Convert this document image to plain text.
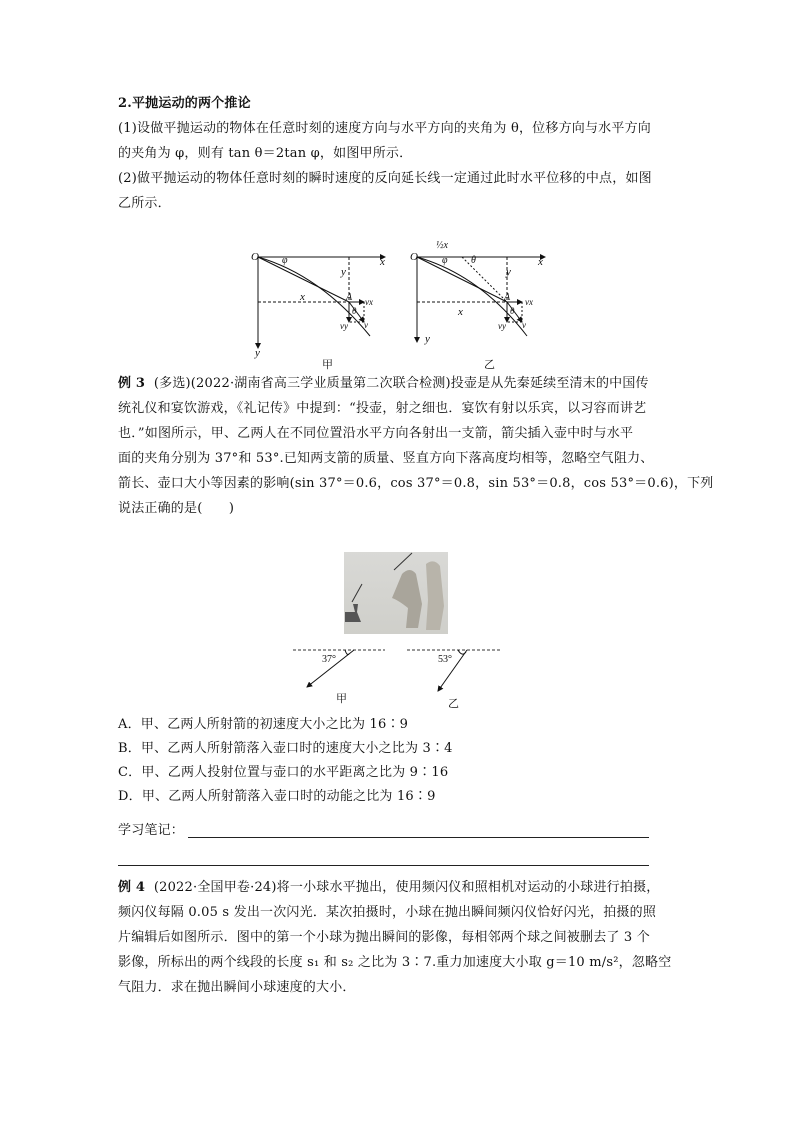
2.平抛运动的两个推论
(1)设做平抛运动的物体在任意时刻的速度方向与水平方向的夹角为 θ，位移方向与水平方向
的夹角为 φ，则有 tan θ＝2tan φ，如图甲所示．
(2)做平抛运动的物体任意时刻的瞬时速度的反向延长线一定通过此时水平位移的中点，如图
乙所示．
O	x
y
φ
y
x	A vx
θ
vy v
甲
O	x
y
½x
φ θ
y
x
A vx
θ
vy v
乙
例 3 (多选)(2022·湖南省高三学业质量第二次联合检测)投壶是从先秦延续至清末的中国传
统礼仪和宴饮游戏，《礼记传》中提到：“投壶，射之细也．宴饮有射以乐宾，以习容而讲艺
也．”如图所示，甲、乙两人在不同位置沿水平方向各射出一支箭，箭尖插入壶中时与水平
面的夹角分别为 37°和 53°.已知两支箭的质量、竖直方向下落高度均相等，忽略空气阻力、
箭长、壶口大小等因素的影响(sin 37°＝0.6，cos 37°＝0.8，sin 53°＝0.8，cos 53°＝0.6)，下列
说法正确的是(　　)
37°
甲
53°
乙
A．甲、乙两人所射箭的初速度大小之比为 16∶9
B．甲、乙两人所射箭落入壶口时的速度大小之比为 3∶4
C．甲、乙两人投射位置与壶口的水平距离之比为 9∶16
D．甲、乙两人所射箭落入壶口时的动能之比为 16∶9
学习笔记：
例 4 (2022·全国甲卷·24)将一小球水平抛出，使用频闪仪和照相机对运动的小球进行拍摄，
频闪仪每隔 0.05 s 发出一次闪光．某次拍摄时，小球在抛出瞬间频闪仪恰好闪光，拍摄的照
片编辑后如图所示．图中的第一个小球为抛出瞬间的影像，每相邻两个球之间被删去了 3 个
影像，所标出的两个线段的长度 s₁ 和 s₂ 之比为 3∶7.重力加速度大小取 g＝10 m/s²，忽略空
气阻力．求在抛出瞬间小球速度的大小．
